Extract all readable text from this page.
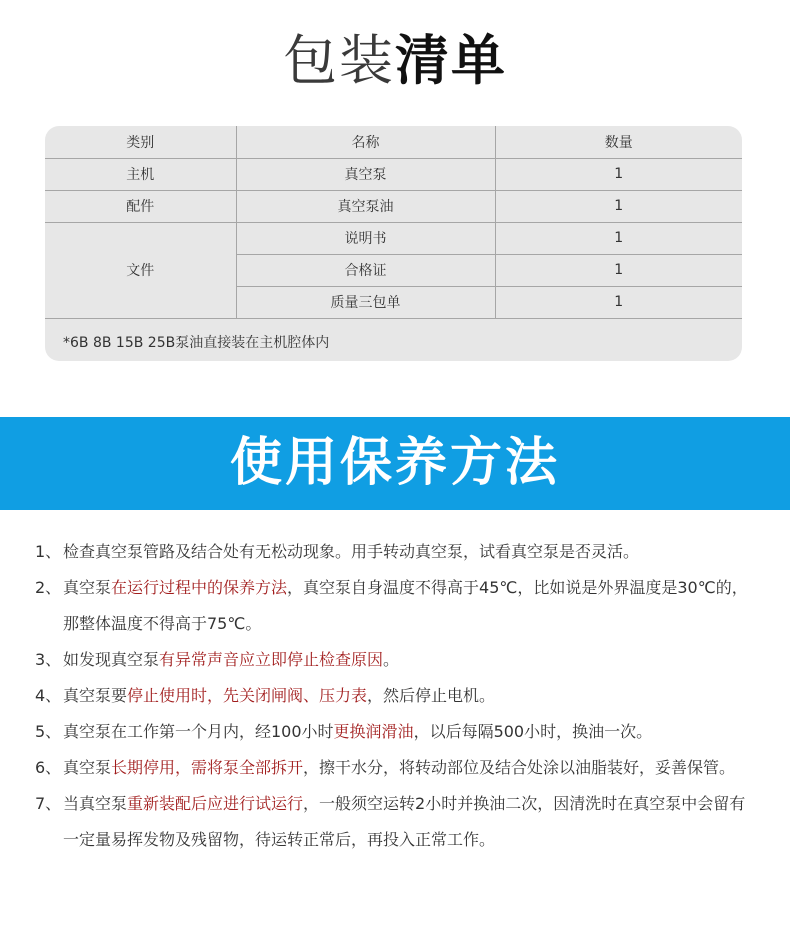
包装清单
类别	名称	数量
主机	真空泵	1
配件	真空泵油	1
文件	说明书	1
	合格证	1
	质量三包单	1
*6B 8B 15B 25B泵油直接装在主机腔体内
使用保养方法
1、 检查真空泵管路及结合处有无松动现象。用手转动真空泵，试看真空泵是否灵活。
2、 真空泵在运行过程中的保养方法，真空泵自身温度不得高于45℃，比如说是外界温度是30℃的，那整体温度不得高于75℃。
3、 如发现真空泵有异常声音应立即停止检查原因。
4、 真空泵要停止使用时，先关闭闸阀、压力表，然后停止电机。
5、 真空泵在工作第一个月内，经100小时更换润滑油，以后每隔500小时，换油一次。
6、 真空泵长期停用，需将泵全部拆开，擦干水分，将转动部位及结合处涂以油脂装好，妥善保管。
7、 当真空泵重新装配后应进行试运行，一般须空运转2小时并换油二次，因清洗时在真空泵中会留有一定量易挥发物及残留物，待运转正常后，再投入正常工作。
